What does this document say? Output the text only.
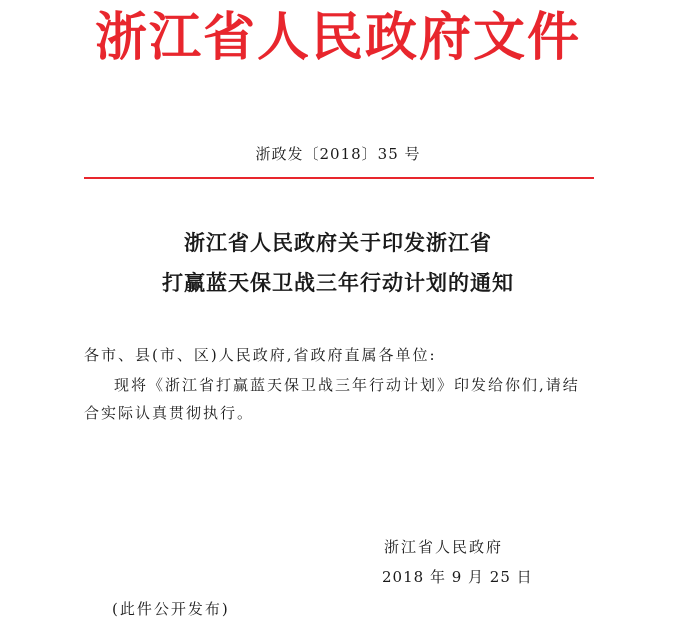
浙江省人民政府文件
浙政发〔2018〕35 号
浙江省人民政府关于印发浙江省
打赢蓝天保卫战三年行动计划的通知
各市、县(市、区)人民政府,省政府直属各单位:
现将《浙江省打赢蓝天保卫战三年行动计划》印发给你们,请结合实际认真贯彻执行。
浙江省人民政府
2018 年 9 月 25 日
(此件公开发布)
